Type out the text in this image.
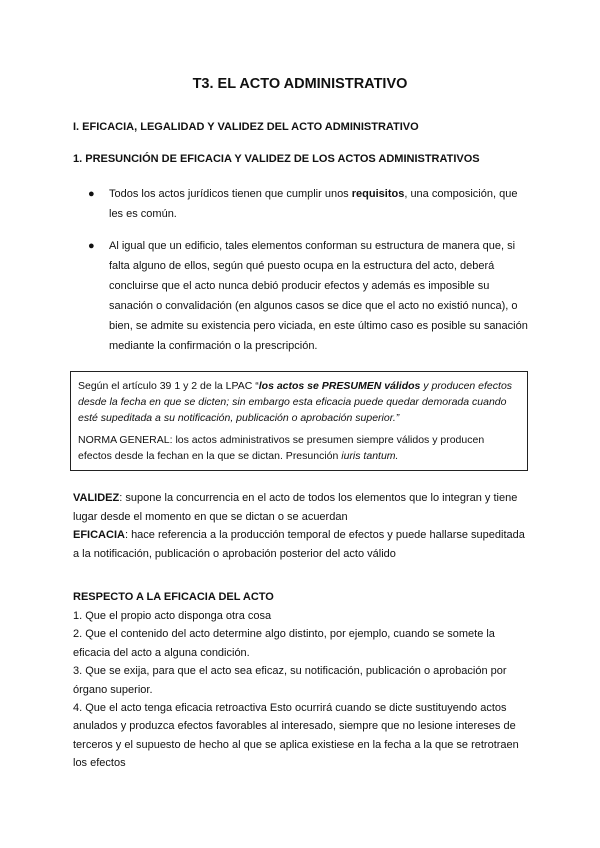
T3. EL ACTO ADMINISTRATIVO
I. EFICACIA, LEGALIDAD Y VALIDEZ DEL ACTO ADMINISTRATIVO
1. PRESUNCIÓN DE EFICACIA Y VALIDEZ DE LOS ACTOS ADMINISTRATIVOS
● Todos los actos jurídicos tienen que cumplir unos requisitos, una composición, que les es común.
● Al igual que un edificio, tales elementos conforman su estructura de manera que, si falta alguno de ellos, según qué puesto ocupa en la estructura del acto, deberá concluirse que el acto nunca debió producir efectos y además es imposible su sanación o convalidación (en algunos casos se dice que el acto no existió nunca), o bien, se admite su existencia pero viciada, en este último caso es posible su sanación mediante la confirmación o la prescripción.

Según el artículo 39 1 y 2 de la LPAC “los actos se PRESUMEN válidos y producen efectos desde la fecha en que se dicten; sin embargo esta eficacia puede quedar demorada cuando esté supeditada a su notificación, publicación o aprobación superior.”

NORMA GENERAL: los actos administrativos se presumen siempre válidos y producen efectos desde la fechan en la que se dictan. Presunción iuris tantum.

VALIDEZ: supone la concurrencia en el acto de todos los elementos que lo integran y tiene lugar desde el momento en que se dictan o se acuerdan

EFICACIA: hace referencia a la producción temporal de efectos y puede hallarse supeditada a la notificación, publicación o aprobación posterior del acto válido

RESPECTO A LA EFICACIA DEL ACTO

1. Que el propio acto disponga otra cosa

2. Que el contenido del acto determine algo distinto, por ejemplo, cuando se somete la eficacia del acto a alguna condición.

3. Que se exija, para que el acto sea eficaz, su notificación, publicación o aprobación por órgano superior.

4. Que el acto tenga eficacia retroactiva Esto ocurrirá cuando se dicte sustituyendo actos anulados y produzca efectos favorables al interesado, siempre que no lesione intereses de terceros y el supuesto de hecho al que se aplica existiese en la fecha a la que se retrotraen los efectos
